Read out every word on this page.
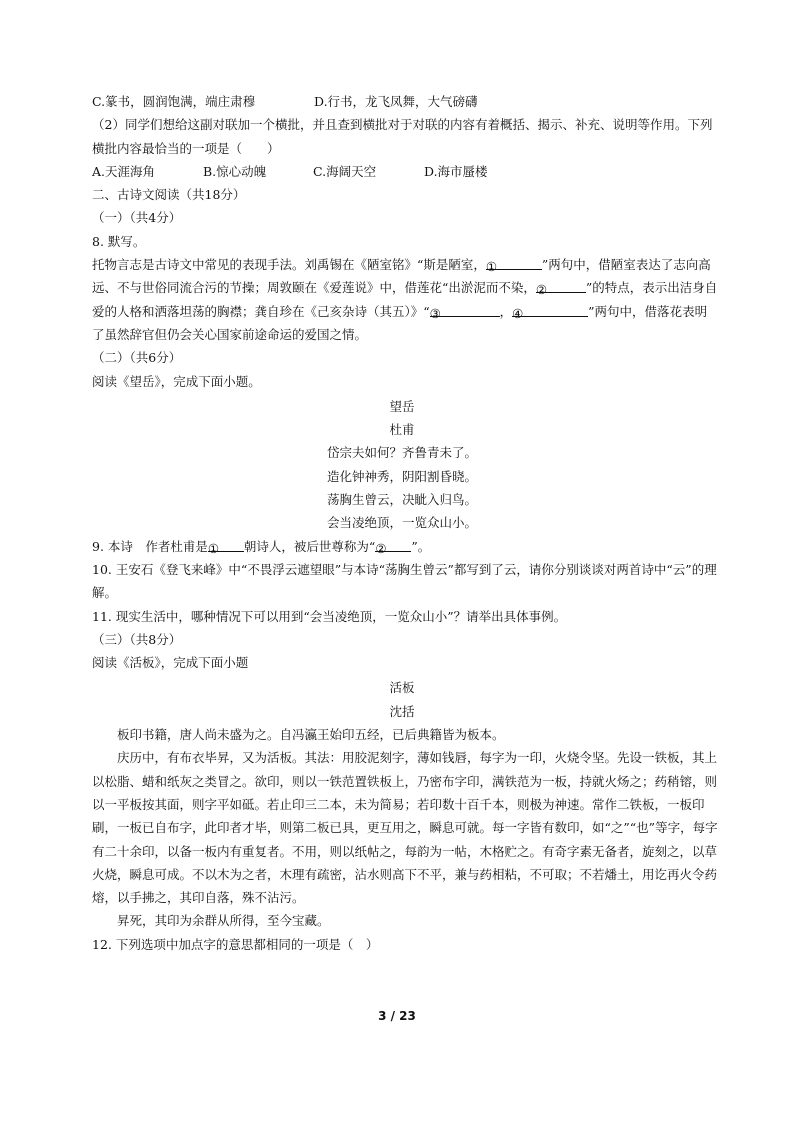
C.篆书，圆润饱满，端庄肃穆	D.行书，龙飞凤舞，大气磅礴
（2）同学们想给这副对联加一个横批，并且查到横批对于对联的内容有着概括、揭示、补充、说明等作用。下列
横批内容最恰当的一项是（　　）
A.天涯海角	B.惊心动魄	C.海阔天空	D.海市蜃楼
二、古诗文阅读（共18分）
（一）（共4分）
8. 默写。
托物言志是古诗文中常见的表现手法。刘禹锡在《陋室铭》“斯是陋室，①	”两句中，借陋室表达了志向高
远、不与世俗同流合污的节操；周敦颐在《爱莲说》中，借莲花“出淤泥而不染，②	”的特点，表示出洁身自
爱的人格和洒落坦荡的胸襟；龚自珍在《己亥杂诗（其五）》“③	，④	”两句中，借落花表明
了虽然辞官但仍会关心国家前途命运的爱国之情。
（二）（共6分）
阅读《望岳》，完成下面小题。
望岳
杜甫
岱宗夫如何？齐鲁青未了。
造化钟神秀，阴阳割昏晓。
荡胸生曾云，决眦入归鸟。
会当凌绝顶，一览众山小。
9. 本诗　作者杜甫是① 朝诗人，被后世尊称为“② ”。
10. 王安石《登飞来峰》中“不畏浮云遮望眼”与本诗“荡胸生曾云”都写到了云，请你分别谈谈对两首诗中“云”的理
解。
11. 现实生活中，哪种情况下可以用到“会当凌绝顶，一览众山小”？请举出具体事例。
（三）（共8分）
阅读《活板》，完成下面小题
活板
沈括
板印书籍，唐人尚未盛为之。自冯瀛王始印五经，已后典籍皆为板本。
庆历中，有布衣毕昇，又为活板。其法：用胶泥刻字，薄如钱唇，每字为一印，火烧令坚。先设一铁板，其上
以松脂、蜡和纸灰之类冒之。欲印，则以一铁范置铁板上，乃密布字印，满铁范为一板，持就火炀之；药稍镕，则
以一平板按其面，则字平如砥。若止印三二本，未为简易；若印数十百千本，则极为神速。常作二铁板，一板印
刷，一板已自布字，此印者才毕，则第二板已具，更互用之，瞬息可就。每一字皆有数印，如“之”“也”等字，每字
有二十余印，以备一板内有重复者。不用，则以纸帖之，每韵为一帖，木格贮之。有奇字素无备者，旋刻之，以草
火烧，瞬息可成。不以木为之者，木理有疏密，沾水则高下不平，兼与药相粘，不可取；不若燔土，用讫再火令药
熔，以手拂之，其印自落，殊不沾污。
昇死，其印为余群从所得，至今宝藏。
12. 下列选项中加点字的意思都相同的一项是（　）
3 / 23
